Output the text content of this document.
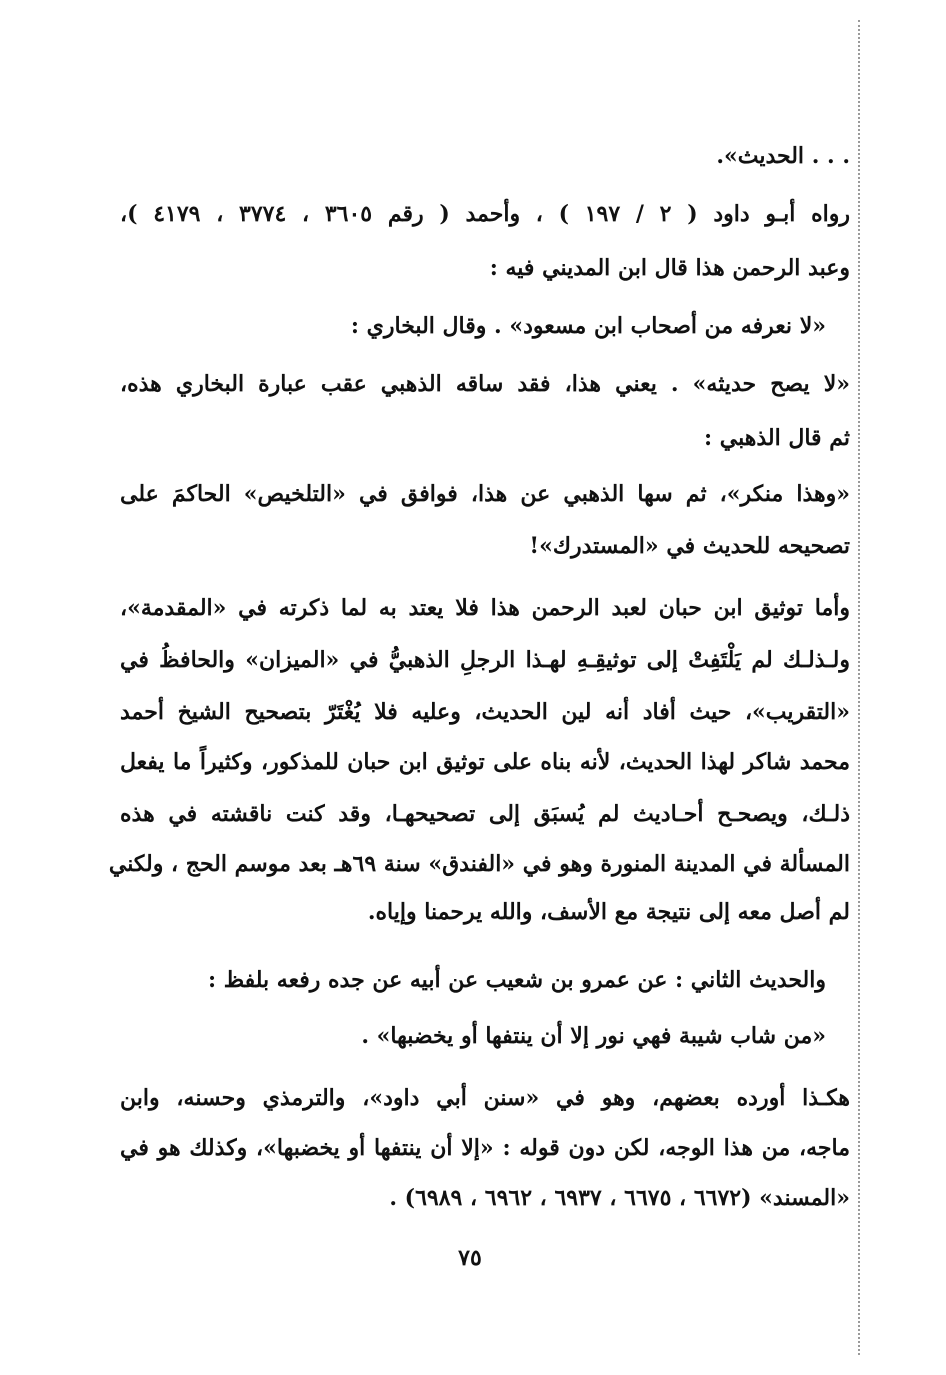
. . . الحديث».
رواه أبـو داود ( ٢ / ١٩٧ ) ، وأحمد ( رقم ٣٦٠٥ ، ٣٧٧٤ ، ٤١٧٩ )،
وعبد الرحمن هذا قال ابن المديني فيه :
«لا نعرفه من أصحاب ابن مسعود» . وقال البخاري :
«لا يصح حديثه» . يعني هذا، فقد ساقه الذهبي عقب عبارة البخاري هذه،
ثم قال الذهبي :
«وهذا منكر»، ثم سها الذهبي عن هذا، فوافق في «التلخيص» الحاكمَ على
تصحيحه للحديث في «المستدرك»!
وأما توثيق ابن حبان لعبد الرحمن هذا فلا يعتد به لما ذكرته في «المقدمة»،
ولـذلـك لم يَلْتَفِتْ إلى توثيقِـهِ لهـذا الرجلِ الذهبيُّ في «الميزان» والحافظُ في
«التقريب»، حيث أفاد أنه لين الحديث، وعليه فلا يُغْتَرّ بتصحيح الشيخ أحمد
محمد شاكر لهذا الحديث، لأنه بناه على توثيق ابن حبان للمذكور، وكثيراً ما يفعل
ذلـك، ويصحـح أحـاديث لم يُسبَق إلى تصحيحهـا، وقد كنت ناقشته في هذه
المسألة في المدينة المنورة وهو في «الفندق» سنة ٦٩هـ بعد موسم الحج ، ولكني
لم أصل معه إلى نتيجة مع الأسف، والله يرحمنا وإياه.
والحديث الثاني : عن عمرو بن شعيب عن أبيه عن جده رفعه بلفظ :
«من شاب شيبة فهي نور إلا أن ينتفها أو يخضبها» .
هكـذا أورده بعضهم، وهو في «سنن أبي داود»، والترمذي وحسنه، وابن
ماجه، من هذا الوجه، لكن دون قوله : «إلا أن ينتفها أو يخضبها»، وكذلك هو في
«المسند» (٦٦٧٢ ، ٦٦٧٥ ، ٦٩٣٧ ، ٦٩٦٢ ، ٦٩٨٩) .
٧٥
